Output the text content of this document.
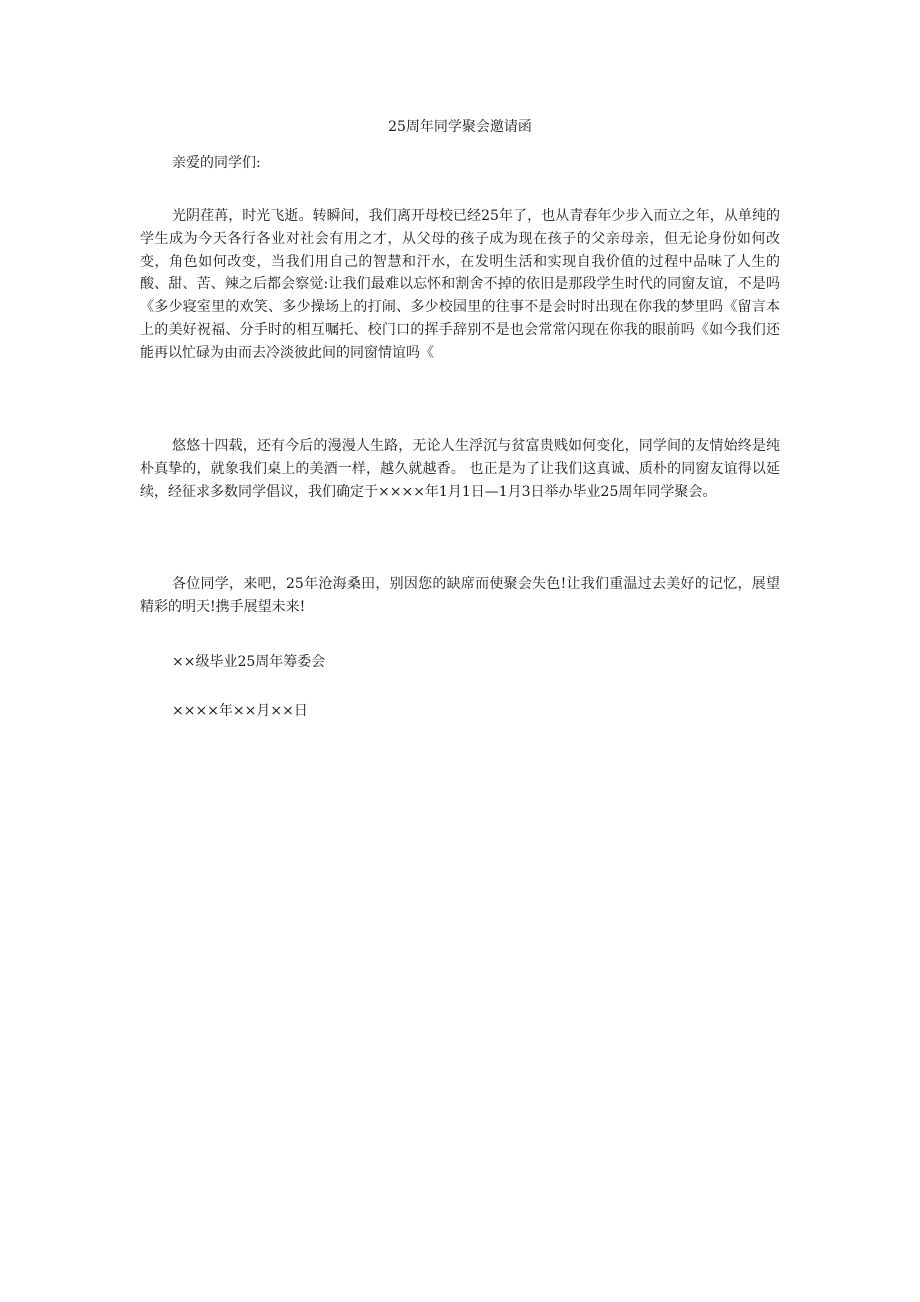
25周年同学聚会邀请函
亲爱的同学们:

光阴荏苒，时光飞逝。转瞬间，我们离开母校已经25年了，也从青春年少步入而立之年，从单纯的学生成为今天各行各业对社会有用之才，从父母的孩子成为现在孩子的父亲母亲，但无论身份如何改变，角色如何改变，当我们用自己的智慧和汗水，在发明生活和实现自我价值的过程中品味了人生的酸、甜、苦、辣之后都会察觉:让我们最难以忘怀和割舍不掉的依旧是那段学生时代的同窗友谊，不是吗《多少寝室里的欢笑、多少操场上的打闹、多少校园里的往事不是会时时出现在你我的梦里吗《留言本上的美好祝福、分手时的相互嘱托、校门口的挥手辞别不是也会常常闪现在你我的眼前吗《如今我们还能再以忙碌为由而去冷淡彼此间的同窗情谊吗《

悠悠十四载，还有今后的漫漫人生路，无论人生浮沉与贫富贵贱如何变化，同学间的友情始终是纯朴真挚的，就象我们桌上的美酒一样，越久就越香。 也正是为了让我们这真诚、质朴的同窗友谊得以延续，经征求多数同学倡议，我们确定于××××年1月1日—1月3日举办毕业25周年同学聚会。

各位同学，来吧，25年沧海桑田，别因您的缺席而使聚会失色!让我们重温过去美好的记忆，展望精彩的明天!携手展望未来!

××级毕业25周年筹委会
××××年××月××日
